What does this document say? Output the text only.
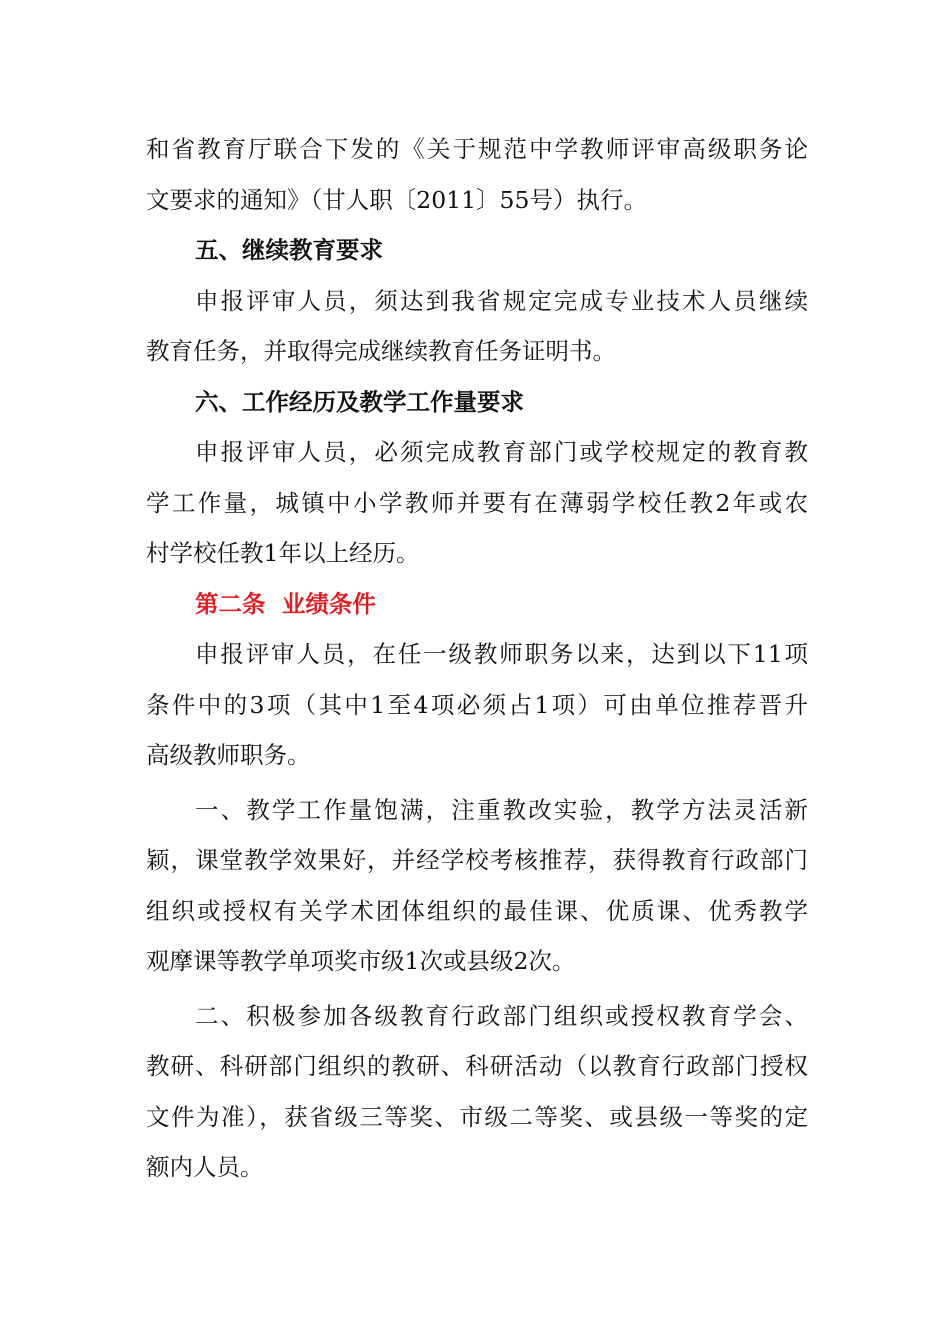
和省教育厅联合下发的《关于规范中学教师评审高级职务论
文要求的通知》（甘人职〔2011〕55号）执行。
五、继续教育要求
申报评审人员，须达到我省规定完成专业技术人员继续
教育任务，并取得完成继续教育任务证明书。
六、工作经历及教学工作量要求
申报评审人员，必须完成教育部门或学校规定的教育教
学工作量，城镇中小学教师并要有在薄弱学校任教2年或农
村学校任教1年以上经历。
第二条  业绩条件
申报评审人员，在任一级教师职务以来，达到以下11项
条件中的3项（其中1至4项必须占1项）可由单位推荐晋升
高级教师职务。
一、教学工作量饱满，注重教改实验，教学方法灵活新
颖，课堂教学效果好，并经学校考核推荐，获得教育行政部门
组织或授权有关学术团体组织的最佳课、优质课、优秀教学
观摩课等教学单项奖市级1次或县级2次。
二、积极参加各级教育行政部门组织或授权教育学会、
教研、科研部门组织的教研、科研活动（以教育行政部门授权
文件为准），获省级三等奖、市级二等奖、或县级一等奖的定
额内人员。
